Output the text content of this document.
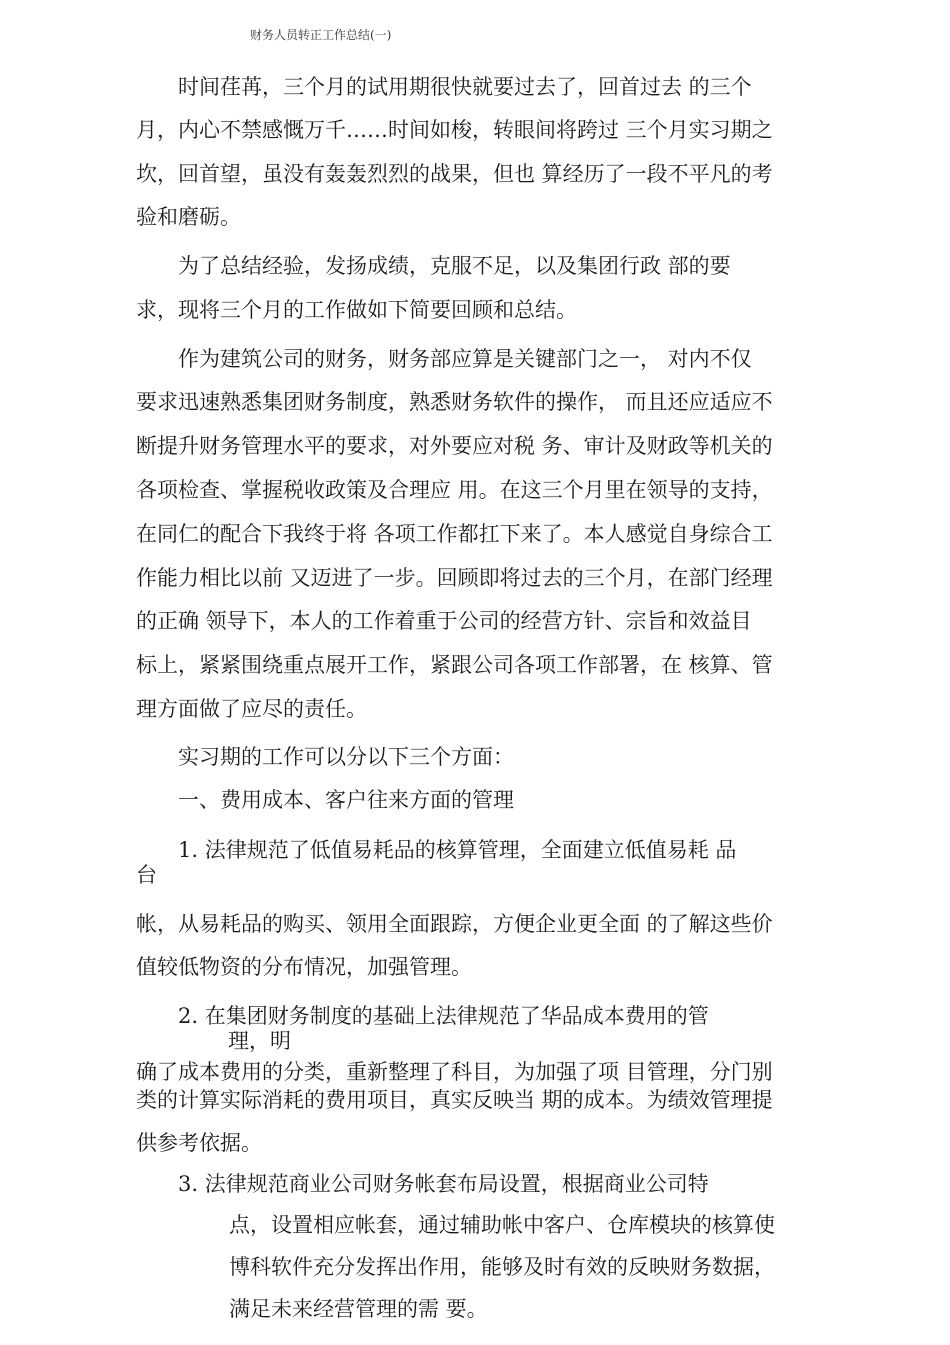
财务人员转正工作总结(一)

时间荏苒，三个月的试用期很快就要过去了，回首过去 的三个

月，内心不禁感慨万千……时间如梭，转眼间将跨过 三个月实习期之

坎，回首望，虽没有轰轰烈烈的战果，但也 算经历了一段不平凡的考

验和磨砺。

为了总结经验，发扬成绩，克服不足，以及集团行政 部的要

求，现将三个月的工作做如下简要回顾和总结。

作为建筑公司的财务，财务部应算是关键部门之一， 对内不仅

要求迅速熟悉集团财务制度，熟悉财务软件的操作， 而且还应适应不

断提升财务管理水平的要求，对外要应对税 务、审计及财政等机关的

各项检查、掌握税收政策及合理应 用。在这三个月里在领导的支持，

在同仁的配合下我终于将 各项工作都扛下来了。本人感觉自身综合工

作能力相比以前 又迈进了一步。回顾即将过去的三个月，在部门经理

的正确 领导下，本人的工作着重于公司的经营方针、宗旨和效益目

标上，紧紧围绕重点展开工作，紧跟公司各项工作部署，在 核算、管

理方面做了应尽的责任。

实习期的工作可以分以下三个方面：

一、费用成本、客户往来方面的管理

1. 法律规范了低值易耗品的核算管理，全面建立低值易耗 品

台

帐，从易耗品的购买、领用全面跟踪，方便企业更全面 的了解这些价

值较低物资的分布情况，加强管理。

2. 在集团财务制度的基础上法律规范了华品成本费用的管

理，明

确了成本费用的分类，重新整理了科目，为加强了项 目管理，分门别

类的计算实际消耗的费用项目，真实反映当 期的成本。为绩效管理提

供参考依据。

3. 法律规范商业公司财务帐套布局设置，根据商业公司特

点，设置相应帐套，通过辅助帐中客户、仓库模块的核算使

博科软件充分发挥出作用，能够及时有效的反映财务数据，

满足未来经营管理的需 要。
